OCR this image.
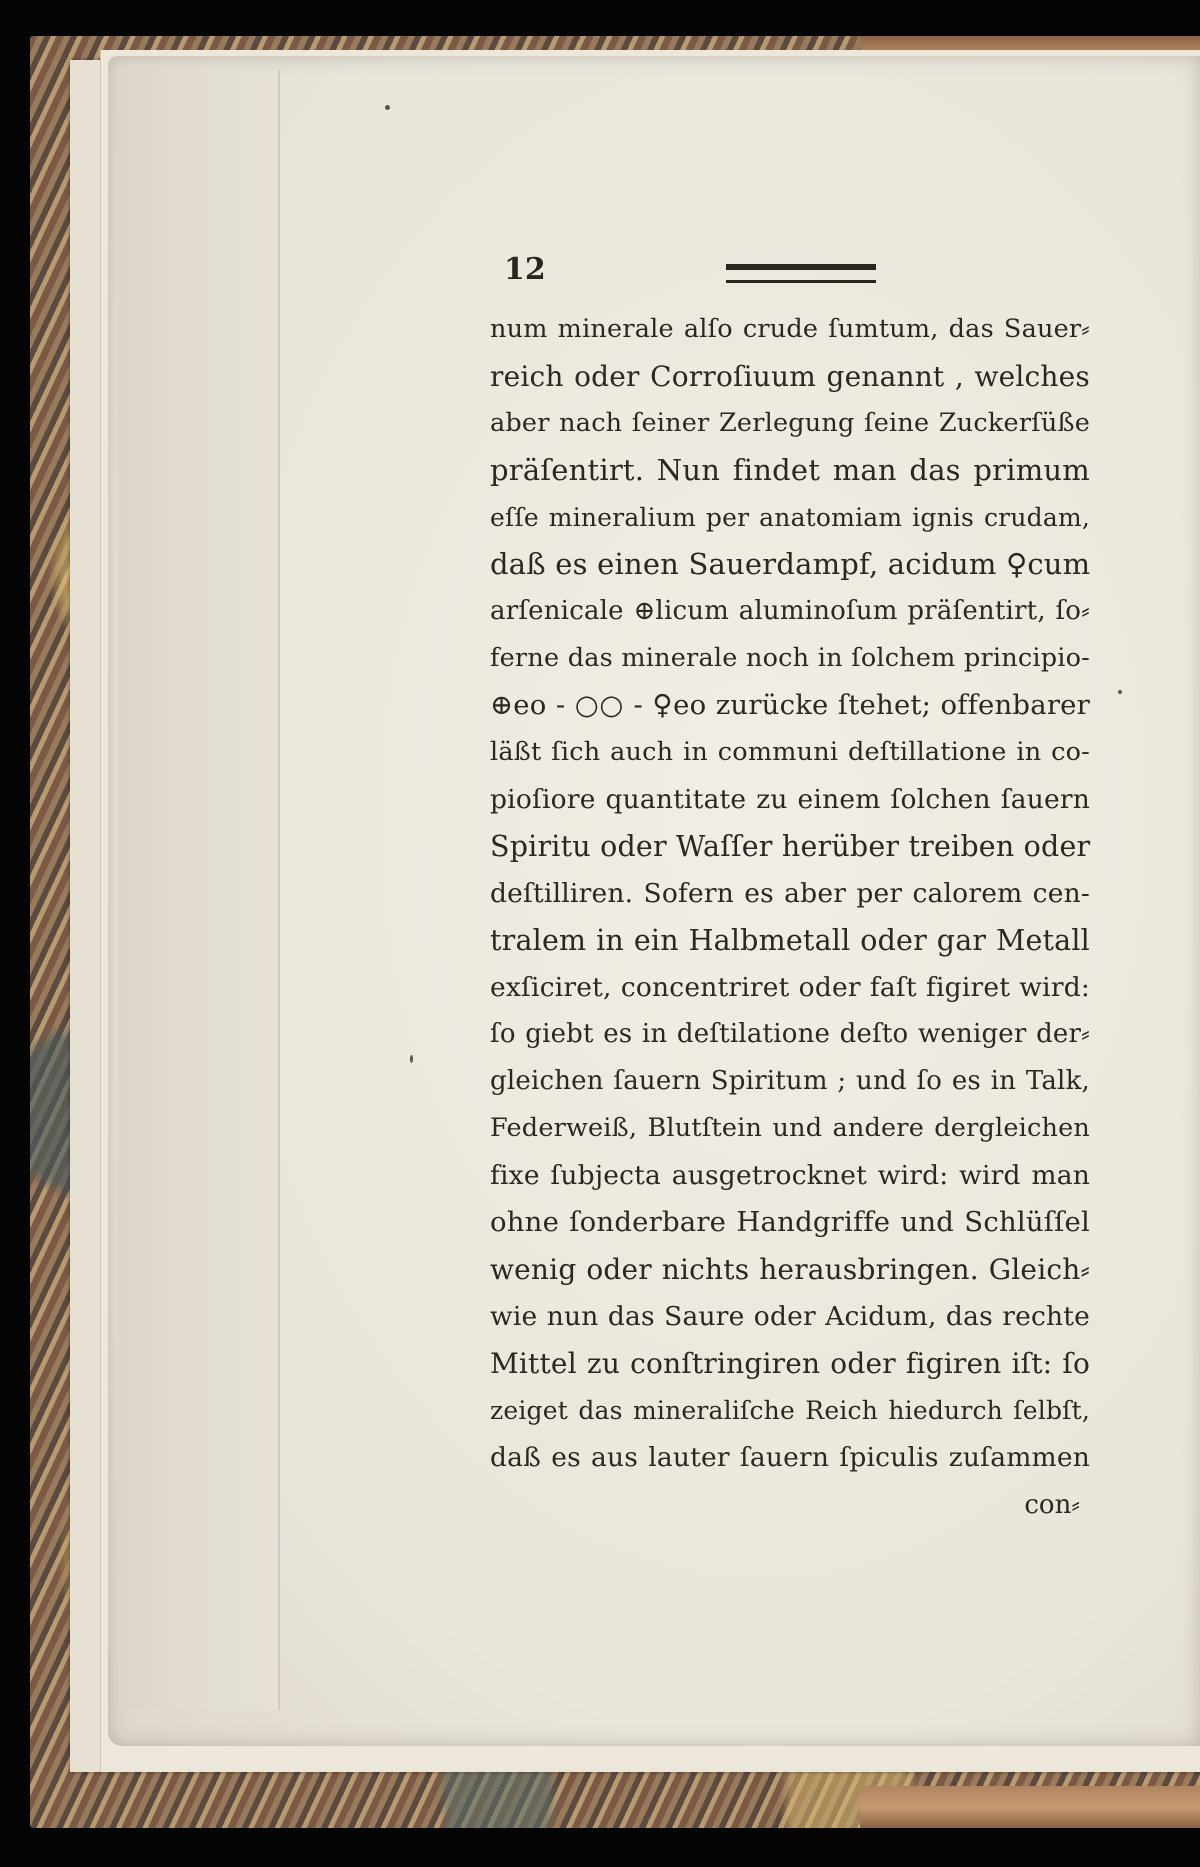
12
num minerale alſo crude ſumtum, das Sauer⸗
reich oder Corroſiuum genannt , welches
aber nach ſeiner Zerlegung ſeine Zuckerſüße
präſentirt. Nun findet man das primum
eſſe mineralium per anatomiam ignis crudam,
daß es einen Sauerdampf, acidum ♀cum
arſenicale ⊕licum aluminoſum präſentirt, ſo⸗
ferne das minerale noch in ſolchem principio-
⊕eo - ○○ - ♀eo zurücke ſtehet; offenbarer
läßt ſich auch in communi deſtillatione in co-
pioſiore quantitate zu einem ſolchen ſauern
Spiritu oder Waſſer herüber treiben oder
deſtilliren. Sofern es aber per calorem cen-
tralem in ein Halbmetall oder gar Metall
exſiciret, concentriret oder faſt figiret wird:
ſo giebt es in deſtilatione deſto weniger der⸗
gleichen ſauern Spiritum ; und ſo es in Talk,
Federweiß, Blutſtein und andere dergleichen
fixe ſubjecta ausgetrocknet wird: wird man
ohne ſonderbare Handgriffe und Schlüſſel
wenig oder nichts herausbringen. Gleich⸗
wie nun das Saure oder Acidum, das rechte
Mittel zu conſtringiren oder figiren iſt: ſo
zeiget das mineraliſche Reich hiedurch ſelbſt,
daß es aus lauter ſauern ſpiculis zuſammen
con⸗
